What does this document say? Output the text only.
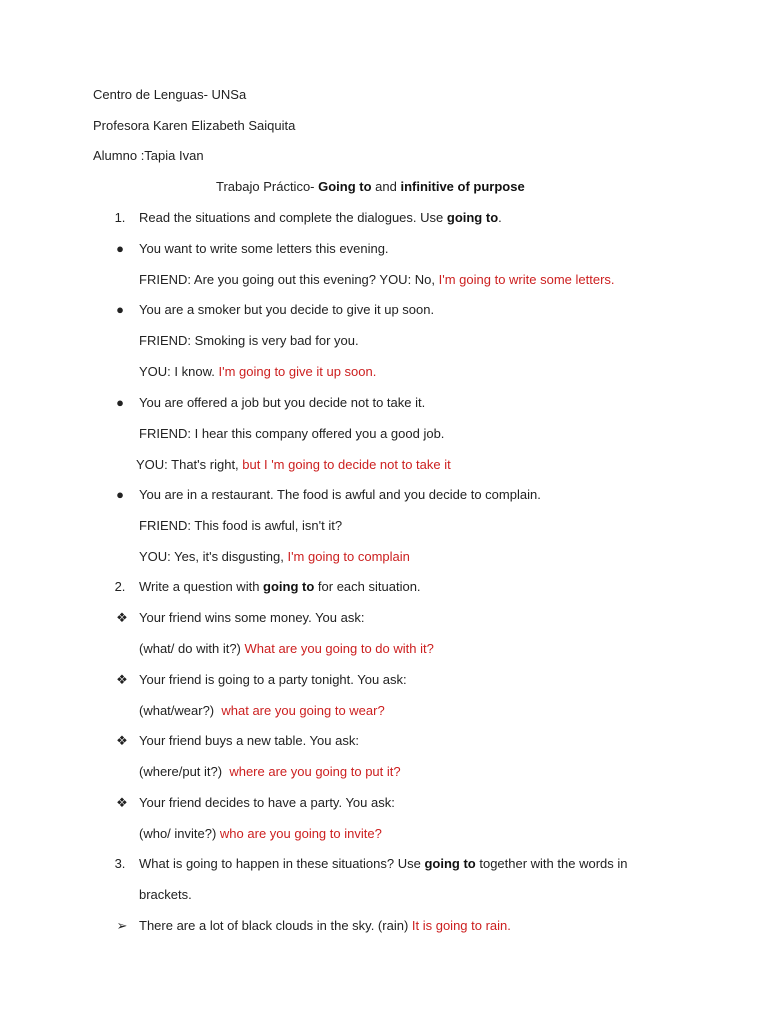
Centro de Lenguas- UNSa
Profesora Karen Elizabeth Saiquita
Alumno :Tapia Ivan
Trabajo Práctico- Going to and infinitive of purpose
1. Read the situations and complete the dialogues. Use going to.
● You want to write some letters this evening.
FRIEND: Are you going out this evening? YOU: No, I'm going to write some letters.
● You are a smoker but you decide to give it up soon.
FRIEND: Smoking is very bad for you.
YOU: I know. I'm going to give it up soon.
● You are offered a job but you decide not to take it.
FRIEND: I hear this company offered you a good job.
YOU: That's right, but I 'm going to decide not to take it
● You are in a restaurant. The food is awful and you decide to complain.
FRIEND: This food is awful, isn't it?
YOU: Yes, it's disgusting, I'm going to complain
2. Write a question with going to for each situation.
❖ Your friend wins some money. You ask:
(what/ do with it?) What are you going to do with it?
❖ Your friend is going to a party tonight. You ask:
(what/wear?)  what are you going to wear?
❖ Your friend buys a new table. You ask:
(where/put it?)  where are you going to put it?
❖ Your friend decides to have a party. You ask:
(who/ invite?) who are you going to invite?
3. What is going to happen in these situations? Use going to together with the words in
brackets.
➢ There are a lot of black clouds in the sky. (rain) It is going to rain.
